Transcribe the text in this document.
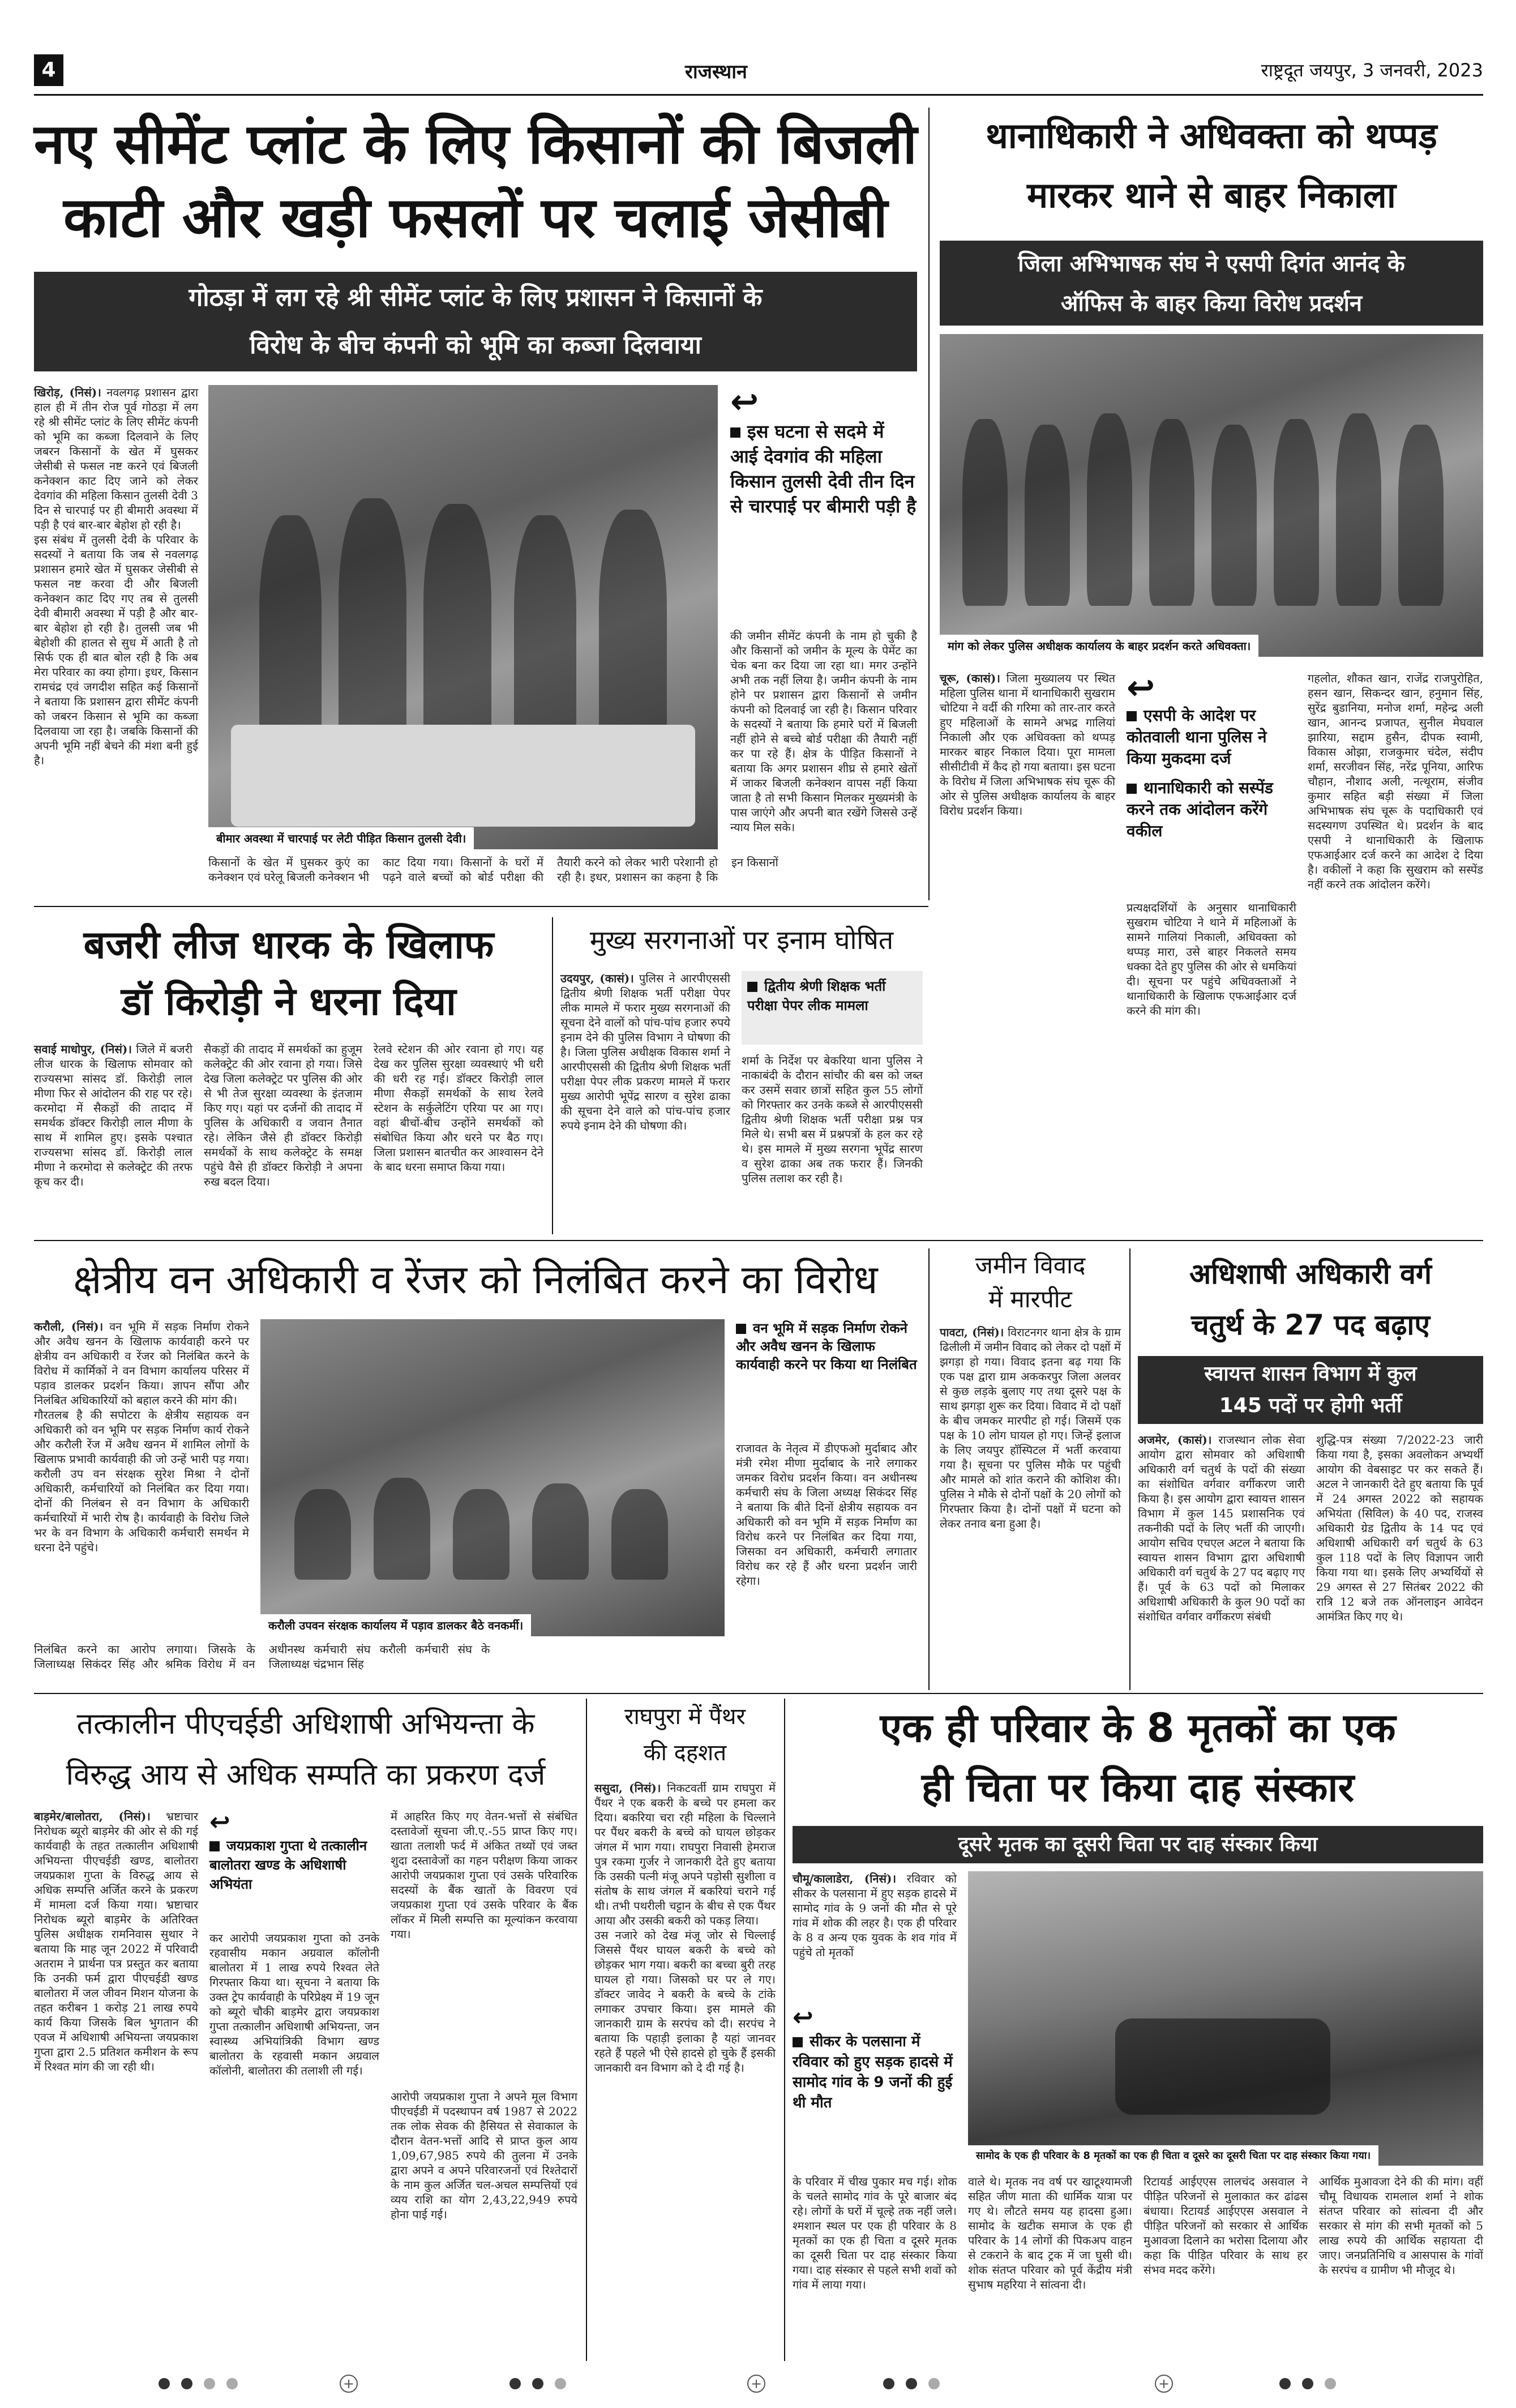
4	राजस्थान	राष्ट्रदूत जयपुर, 3 जनवरी, 2023
नए सीमेंट प्लांट के लिए किसानों की बिजली
काटी और खड़ी फसलों पर चलाई जेसीबी
गोठड़ा में लग रहे श्री सीमेंट प्लांट के लिए प्रशासन ने किसानों के
विरोध के बीच कंपनी को भूमि का कब्जा दिलवाया
खिरोड़, (निसं)। नवलगढ़ प्रशासन द्वारा हाल ही में तीन रोज पूर्व गोठड़ा में लग रहे श्री सीमेंट प्लांट के लिए सीमेंट कंपनी को भूमि का कब्जा दिलवाने के लिए जबरन किसानों के खेत में घुसकर जेसीबी से फसल नष्ट करने एवं बिजली कनेक्शन काट दिए जाने को लेकर देवगांव की महिला किसान तुलसी देवी 3 दिन से चारपाई पर ही बीमारी अवस्था में पड़ी है एवं बार-बार बेहोश हो रही है।
इस संबंध में तुलसी देवी के परिवार के सदस्यों ने बताया कि जब से नवलगढ़ प्रशासन हमारे खेत में घुसकर जेसीबी से फसल नष्ट करवा दी और बिजली कनेक्शन काट दिए गए तब से तुलसी देवी बीमारी अवस्था में पड़ी है और बार-बार बेहोश हो रही है। तुलसी जब भी बेहोशी की हालत से सुध में आती है तो सिर्फ एक ही बात बोल रही है कि अब मेरा परिवार का क्या होगा। इधर, किसान रामचंद्र एवं जगदीश सहित कई किसानों ने बताया कि प्रशासन द्वारा सीमेंट कंपनी को जबरन किसान से भूमि का कब्जा दिलवाया जा रहा है। जबकि किसानों की अपनी भूमि नहीं बेचने की मंशा बनी हुई है।
बीमार अवस्था में चारपाई पर लेटी पीड़ित किसान तुलसी देवी।
↩
इस घटना से सदमे में आई देवगांव की महिला किसान तुलसी देवी तीन दिन से चारपाई पर बीमारी पड़ी है
किसानों के खेत में घुसकर कुएं का कनेक्शन एवं घरेलू बिजली कनेक्शन भी काट दिया गया। किसानों के घरों में पढ़ने वाले बच्चों को बोर्ड परीक्षा की तैयारी करने को लेकर भारी परेशानी हो रही है। इधर, प्रशासन का कहना है कि इन किसानों
की जमीन सीमेंट कंपनी के नाम हो चुकी है और किसानों को जमीन के मूल्य के पेमेंट का चेक बना कर दिया जा रहा था। मगर उन्होंने अभी तक नहीं लिया है। जमीन कंपनी के नाम होने पर प्रशासन द्वारा किसानों से जमीन कंपनी को दिलवाई जा रही है। किसान परिवार के सदस्यों ने बताया कि हमारे घरों में बिजली नहीं होने से बच्चे बोर्ड परीक्षा की तैयारी नहीं कर पा रहे हैं। क्षेत्र के पीड़ित किसानों ने बताया कि अगर प्रशासन शीघ्र से हमारे खेतों में जाकर बिजली कनेक्शन वापस नहीं किया जाता है तो सभी किसान मिलकर मुख्यमंत्री के पास जाएंगे और अपनी बात रखेंगे जिससे उन्हें न्याय मिल सके।
थानाधिकारी ने अधिवक्ता को थप्पड़
मारकर थाने से बाहर निकाला
जिला अभिभाषक संघ ने एसपी दिगंत आनंद के
ऑफिस के बाहर किया विरोध प्रदर्शन
मांग को लेकर पुलिस अधीक्षक कार्यालय के बाहर प्रदर्शन करते अधिवक्ता।
↩
एसपी के आदेश पर कोतवाली थाना पुलिस ने किया मुकदमा दर्ज
थानाधिकारी को सस्पेंड करने तक आंदोलन करेंगे वकील
चूरू, (कासं)। जिला मुख्यालय पर स्थित महिला पुलिस थाना में थानाधिकारी सुखराम चोटिया ने वर्दी की गरिमा को तार-तार करते हुए महिलाओं के सामने अभद्र गालियां निकाली और एक अधिवक्ता को थप्पड़ मारकर बाहर निकाल दिया। पूरा मामला सीसीटीवी में कैद हो गया बताया। इस घटना के विरोध में जिला अभिभाषक संघ चूरू की ओर से पुलिस अधीक्षक कार्यालय के बाहर विरोध प्रदर्शन किया।
प्रत्यक्षदर्शियों के अनुसार थानाधिकारी सुखराम चोटिया ने थाने में महिलाओं के सामने गालियां निकाली, अधिवक्ता को थप्पड़ मारा, उसे बाहर निकलते समय धक्का देते हुए पुलिस की ओर से धमकियां दी। सूचना पर पहुंचे अधिवक्ताओं ने थानाधिकारी के खिलाफ एफआईआर दर्ज करने की मांग की।
गहलोत, शौकत खान, राजेंद्र राजपुरोहित, हसन खान, सिकन्दर खान, हनुमान सिंह, सुरेंद्र बुडानिया, मनोज शर्मा, महेन्द्र अली खान, आनन्द प्रजापत, सुनील मेघवाल झारिया, सद्दाम हुसैन, दीपक स्वामी, विकास ओझा, राजकुमार चंदेल, संदीप शर्मा, सरजीवन सिंह, नरेंद्र पूनिया, आरिफ चौहान, नौशाद अली, नत्थूराम, संजीव कुमार सहित बड़ी संख्या में जिला अभिभाषक संघ चूरू के पदाधिकारी एवं सदस्यगण उपस्थित थे। प्रदर्शन के बाद एसपी ने थानाधिकारी के खिलाफ एफआईआर दर्ज करने का आदेश दे दिया है। वकीलों ने कहा कि सुखराम को सस्पेंड नहीं करने तक आंदोलन करेंगे।
बजरी लीज धारक के खिलाफ
डॉ किरोड़ी ने धरना दिया
सवाई माधोपुर, (निसं)। जिले में बजरी लीज धारक के खिलाफ सोमवार को राज्यसभा सांसद डॉ. किरोड़ी लाल मीणा फिर से आंदोलन की राह पर रहे। करमोदा में सैकड़ों की तादाद में समर्थक डॉक्टर किरोड़ी लाल मीणा के साथ में शामिल हुए। इसके पश्चात राज्यसभा सांसद डॉ. किरोड़ी लाल मीणा ने करमोदा से कलेक्ट्रेट की तरफ कूच कर दी।
सैकड़ों की तादाद में समर्थकों का हुजूम कलेक्ट्रेट की ओर रवाना हो गया। जिसे देख जिला कलेक्ट्रेट पर पुलिस की ओर से भी तेज सुरक्षा व्यवस्था के इंतजाम किए गए। यहां पर दर्जनों की तादाद में पुलिस के अधिकारी व जवान तैनात रहे। लेकिन जैसे ही डॉक्टर किरोड़ी समर्थकों के साथ कलेक्ट्रेट के समक्ष पहुंचे वैसे ही डॉक्टर किरोड़ी ने अपना रुख बदल दिया।
रेलवे स्टेशन की ओर रवाना हो गए। यह देख कर पुलिस सुरक्षा व्यवस्थाएं भी धरी की धरी रह गई। डॉक्टर किरोड़ी लाल मीणा सैकड़ों समर्थकों के साथ रेलवे स्टेशन के सर्कुलेटिंग एरिया पर आ गए। वहां बीचों-बीच उन्होंने समर्थकों को संबोधित किया और धरने पर बैठ गए। जिला प्रशासन बातचीत कर आश्वासन देने के बाद धरना समाप्त किया गया।
मुख्य सरगनाओं पर इनाम घोषित
उदयपुर, (कासं)। पुलिस ने आरपीएससी द्वितीय श्रेणी शिक्षक भर्ती परीक्षा पेपर लीक मामले में फरार मुख्य सरगनाओं की सूचना देने वालों को पांच-पांच हजार रुपये इनाम देने की पुलिस विभाग ने घोषणा की है। जिला पुलिस अधीक्षक विकास शर्मा ने आरपीएससी की द्वितीय श्रेणी शिक्षक भर्ती परीक्षा पेपर लीक प्रकरण मामले में फरार मुख्य आरोपी भूपेंद्र सारण व सुरेश ढाका की सूचना देने वाले को पांच-पांच हजार रुपये इनाम देने की घोषणा की।
द्वितीय श्रेणी शिक्षक भर्ती परीक्षा पेपर लीक मामला
शर्मा के निर्देश पर बेकरिया थाना पुलिस ने नाकाबंदी के दौरान सांचौर की बस को जब्त कर उसमें सवार छात्रों सहित कुल 55 लोगों को गिरफ्तार कर उनके कब्जे से आरपीएससी द्वितीय श्रेणी शिक्षक भर्ती परीक्षा प्रश्न पत्र मिले थे। सभी बस में प्रश्नपत्रों के हल कर रहे थे। इस मामले में मुख्य सरगना भूपेंद्र सारण व सुरेश ढाका अब तक फरार हैं। जिनकी पुलिस तलाश कर रही है।
क्षेत्रीय वन अधिकारी व रेंजर को निलंबित करने का विरोध
करौली, (निसं)। वन भूमि में सड़क निर्माण रोकने और अवैध खनन के खिलाफ कार्यवाही करने पर क्षेत्रीय वन अधिकारी व रेंजर को निलंबित करने के विरोध में कार्मिकों ने वन विभाग कार्यालय परिसर में पड़ाव डालकर प्रदर्शन किया। ज्ञापन सौंपा और निलंबित अधिकारियों को बहाल करने की मांग की।
गौरतलब है की सपोटरा के क्षेत्रीय सहायक वन अधिकारी को वन भूमि पर सड़क निर्माण कार्य रोकने और करौली रेंज में अवैध खनन में शामिल लोगों के खिलाफ प्रभावी कार्यवाही की जो उन्हें भारी पड़ गया। करौली उप वन संरक्षक सुरेश मिश्रा ने दोनों अधिकारी, कर्मचारियों को निलंबित कर दिया गया। दोनों की निलंबन से वन विभाग के अधिकारी कर्मचारियों में भारी रोष है। कार्यवाही के विरोध जिले भर के वन विभाग के अधिकारी कर्मचारी समर्थन मे धरना देने पहुंचे।
करौली उपवन संरक्षक कार्यालय में पड़ाव डालकर बैठे वनकर्मी।
वन भूमि में सड़क निर्माण रोकने और अवैध खनन के खिलाफ कार्यवाही करने पर किया था निलंबित
राजावत के नेतृत्व में डीएफओ मुर्दाबाद और मंत्री रमेश मीणा मुर्दाबाद के नारे लगाकर जमकर विरोध प्रदर्शन किया। वन अधीनस्थ कर्मचारी संघ के जिला अध्यक्ष सिकंदर सिंह ने बताया कि बीते दिनों क्षेत्रीय सहायक वन अधिकारी को वन भूमि में सड़क निर्माण का विरोध करने पर निलंबित कर दिया गया, जिसका वन अधिकारी, कर्मचारी लगातार विरोध कर रहे हैं और धरना प्रदर्शन जारी रहेगा।
निलंबित करने का आरोप लगाया। जिसके के जिलाध्यक्ष सिकंदर सिंह और श्रमिक विरोध में वन अधीनस्थ कर्मचारी संघ करौली कर्मचारी संघ के जिलाध्यक्ष चंद्रभान सिंह
जमीन विवाद
में मारपीट
पावटा, (निसं)। विराटनगर थाना क्षेत्र के ग्राम ढिलीली में जमीन विवाद को लेकर दो पक्षों में झगड़ा हो गया। विवाद इतना बढ़ गया कि एक पक्ष द्वारा ग्राम अककरपुर जिला अलवर से कुछ लड़के बुलाए गए तथा दूसरे पक्ष के साथ झगड़ा शुरू कर दिया। विवाद में दो पक्षों के बीच जमकर मारपीट हो गई। जिसमें एक पक्ष के 10 लोग घायल हो गए। जिन्हें इलाज के लिए जयपुर हॉस्पिटल में भर्ती करवाया गया है। सूचना पर पुलिस मौके पर पहुंची और मामले को शांत कराने की कोशिश की। पुलिस ने मौके से दोनों पक्षों के 20 लोगों को गिरफ्तार किया है। दोनों पक्षों में घटना को लेकर तनाव बना हुआ है।
अधिशाषी अधिकारी वर्ग
चतुर्थ के 27 पद बढ़ाए
स्वायत्त शासन विभाग में कुल
145 पदों पर होगी भर्ती
अजमेर, (कासं)। राजस्थान लोक सेवा आयोग द्वारा सोमवार को अधिशाषी अधिकारी वर्ग चतुर्थ के पदों की संख्या का संशोधित वर्गवार वर्गीकरण जारी किया है। इस आयोग द्वारा स्वायत्त शासन विभाग में कुल 145 प्रशासनिक एवं तकनीकी पदों के लिए भर्ती की जाएगी। आयोग सचिव एचएल अटल ने बताया कि स्वायत्त शासन विभाग द्वारा अधिशाषी अधिकारी वर्ग चतुर्थ के 27 पद बढ़ाए गए हैं। पूर्व के 63 पदों को मिलाकर अधिशाषी अधिकारी के कुल 90 पदों का संशोधित वर्गवार वर्गीकरण संबंधी
शुद्धि-पत्र संख्या 7/2022-23 जारी किया गया है, इसका अवलोकन अभ्यर्थी आयोग की वेबसाइट पर कर सकते हैं। अटल ने जानकारी देते हुए बताया कि पूर्व में 24 अगस्त 2022 को सहायक अभियंता (सिविल) के 40 पद, राजस्व अधिकारी ग्रेड द्वितीय के 14 पद एवं अधिशाषी अधिकारी वर्ग चतुर्थ के 63 कुल 118 पदों के लिए विज्ञापन जारी किया गया था। इसके लिए अभ्यर्थियों से 29 अगस्त से 27 सितंबर 2022 की रात्रि 12 बजे तक ऑनलाइन आवेदन आमंत्रित किए गए थे।
तत्कालीन पीएचईडी अधिशाषी अभियन्ता के
विरुद्ध आय से अधिक सम्पति का प्रकरण दर्ज
बाड़मेर/बालोतरा, (निसं)। भ्रष्टाचार निरोधक ब्यूरो बाड़मेर की ओर से की गई कार्यवाही के तहत तत्कालीन अधिशाषी अभियन्ता पीएचईडी खण्ड, बालोतरा जयप्रकाश गुप्ता के विरुद्ध आय से अधिक सम्पत्ति अर्जित करने के प्रकरण में मामला दर्ज किया गया। भ्रष्टाचार निरोधक ब्यूरो बाड़मेर के अतिरिक्त पुलिस अधीक्षक रामनिवास सुथार ने बताया कि माह जून 2022 में परिवादी अतराम ने प्रार्थना पत्र प्रस्तुत कर बताया कि उनकी फर्म द्वारा पीएचईडी खण्ड बालोतरा में जल जीवन मिशन योजना के तहत करीबन 1 करोड़ 21 लाख रुपये कार्य किया जिसके बिल भुगतान की एवज में अधिशाषी अभियन्ता जयप्रकाश गुप्ता द्वारा 2.5 प्रतिशत कमीशन के रूप में रिश्वत मांग की जा रही थी।
↩
जयप्रकाश गुप्ता थे तत्कालीन बालोतरा खण्ड के अधिशाषी अभियंता
कर आरोपी जयप्रकाश गुप्ता को उनके रहवासीय मकान अग्रवाल कॉलोनी बालोतरा में 1 लाख रुपये रिश्वत लेते गिरफ्तार किया था। सूचना ने बताया कि उक्त ट्रेप कार्यवाही के परिप्रेक्ष्य में 19 जून को ब्यूरो चौकी बाड़मेर द्वारा जयप्रकाश गुप्ता तत्कालीन अधिशाषी अभियन्ता, जन स्वास्थ्य अभियांत्रिकी विभाग खण्ड बालोतरा के रहवासी मकान अग्रवाल कॉलोनी, बालोतरा की तलाशी ली गई।
में आहरित किए गए वेतन-भत्तों से संबंधित दस्तावेजों सूचना जी.ए.-55 प्राप्त किए गए। खाता तलाशी फर्द में अंकित तथ्यों एवं जब्त शुदा दस्तावेजों का गहन परीक्षण किया जाकर आरोपी जयप्रकाश गुप्ता एवं उसके परिवारिक सदस्यों के बैंक खातों के विवरण एवं जयप्रकाश गुप्ता एवं उसके परिवार के बैंक लॉकर में मिली सम्पत्ति का मूल्यांकन करवाया गया।
आरोपी जयप्रकाश गुप्ता ने अपने मूल विभाग पीएचईडी में पदस्थापन वर्ष 1987 से 2022 तक लोक सेवक की हैसियत से सेवाकाल के दौरान वेतन-भत्तों आदि से प्राप्त कुल आय 1,09,67,985 रुपये की तुलना में उनके द्वारा अपने व अपने परिवारजनों एवं रिश्तेदारों के नाम कुल अर्जित चल-अचल सम्पत्तियों एवं व्यय राशि का योग 2,43,22,949 रुपये होना पाई गई।
राघपुरा में पैंथर
की दहशत
ससुदा, (निसं)। निकटवर्ती ग्राम राघपुरा में पैंथर ने एक बकरी के बच्चे पर हमला कर दिया। बकरिया चरा रही महिला के चिल्लाने पर पैंथर बकरी के बच्चे को घायल छोड़कर जंगल में भाग गया। राघपुरा निवासी हेमराज पुत्र रकमा गुर्जर ने जानकारी देते हुए बताया कि उसकी पत्नी मंजू अपने पड़ोसी सुशीला व संतोष के साथ जंगल में बकरियां चराने गई थी। तभी पथरीली चट्टान के बीच से एक पैंथर आया और उसकी बकरी को पकड़ लिया।
उस नजारे को देख मंजू जोर से चिल्लाई जिससे पैंथर घायल बकरी के बच्चे को छोड़कर भाग गया। बकरी का बच्चा बुरी तरह घायल हो गया। जिसको घर पर ले गए। डॉक्टर जावेद ने बकरी के बच्चे के टांके लगाकर उपचार किया। इस मामले की जानकारी ग्राम के सरपंच को दी। सरपंच ने बताया कि पहाड़ी इलाका है यहां जानवर रहते हैं पहले भी ऐसे हादसे हो चुके हैं इसकी जानकारी वन विभाग को दे दी गई है।
एक ही परिवार के 8 मृतकों का एक
ही चिता पर किया दाह संस्कार
दूसरे मृतक का दूसरी चिता पर दाह संस्कार किया
चौमू/कालाडेरा, (निसं)। रविवार को सीकर के पलसाना में हुए सड़क हादसे में सामोद गांव के 9 जनों की मौत से पूरे गांव में शोक की लहर है। एक ही परिवार के 8 व अन्य एक युवक के शव गांव में पहुंचे तो मृतकों
↩
सीकर के पलसाना में रविवार को हुए सड़क हादसे में सामोद गांव के 9 जनों की हुई थी मौत
सामोद के एक ही परिवार के 8 मृतकों का एक ही चिता व दूसरे का दूसरी चिता पर दाह संस्कार किया गया।
के परिवार में चीख पुकार मच गई। शोक के चलते सामोद गांव के पूरे बाजार बंद रहे। लोगों के घरों में चूल्हे तक नहीं जले। श्मशान स्थल पर एक ही परिवार के 8 मृतकों का एक ही चिता व दूसरे मृतक का दूसरी चिता पर दाह संस्कार किया गया। दाह संस्कार से पहले सभी शवों को गांव में लाया गया।
वाले थे। मृतक नव वर्ष पर खाटूश्यामजी सहित जीण माता की धार्मिक यात्रा पर गए थे। लौटते समय यह हादसा हुआ। सामोद के खटीक समाज के एक ही परिवार के 14 लोगों की पिकअप वाहन से टकराने के बाद ट्रक में जा घुसी थी। शोक संतप्त परिवार को पूर्व केंद्रीय मंत्री सुभाष महरिया ने सांत्वना दी।
रिटायर्ड आईएएस लालचंद असवाल ने पीड़ित परिजनों से मुलाकात कर ढांढस बंधाया। रिटायर्ड आईएएस असवाल ने पीड़ित परिजनों को सरकार से आर्थिक मुआवजा दिलाने का भरोसा दिलाया और कहा कि पीड़ित परिवार के साथ हर संभव मदद करेंगे।
आर्थिक मुआवजा देने की की मांग। वहीं चौमू विधायक रामलाल शर्मा ने शोक संतप्त परिवार को सांत्वना दी और सरकार से मांग की सभी मृतकों को 5 लाख रुपये की आर्थिक सहायता दी जाए। जनप्रतिनिधि व आसपास के गांवों के सरपंच व ग्रामीण भी मौजूद थे।
+	+	+
